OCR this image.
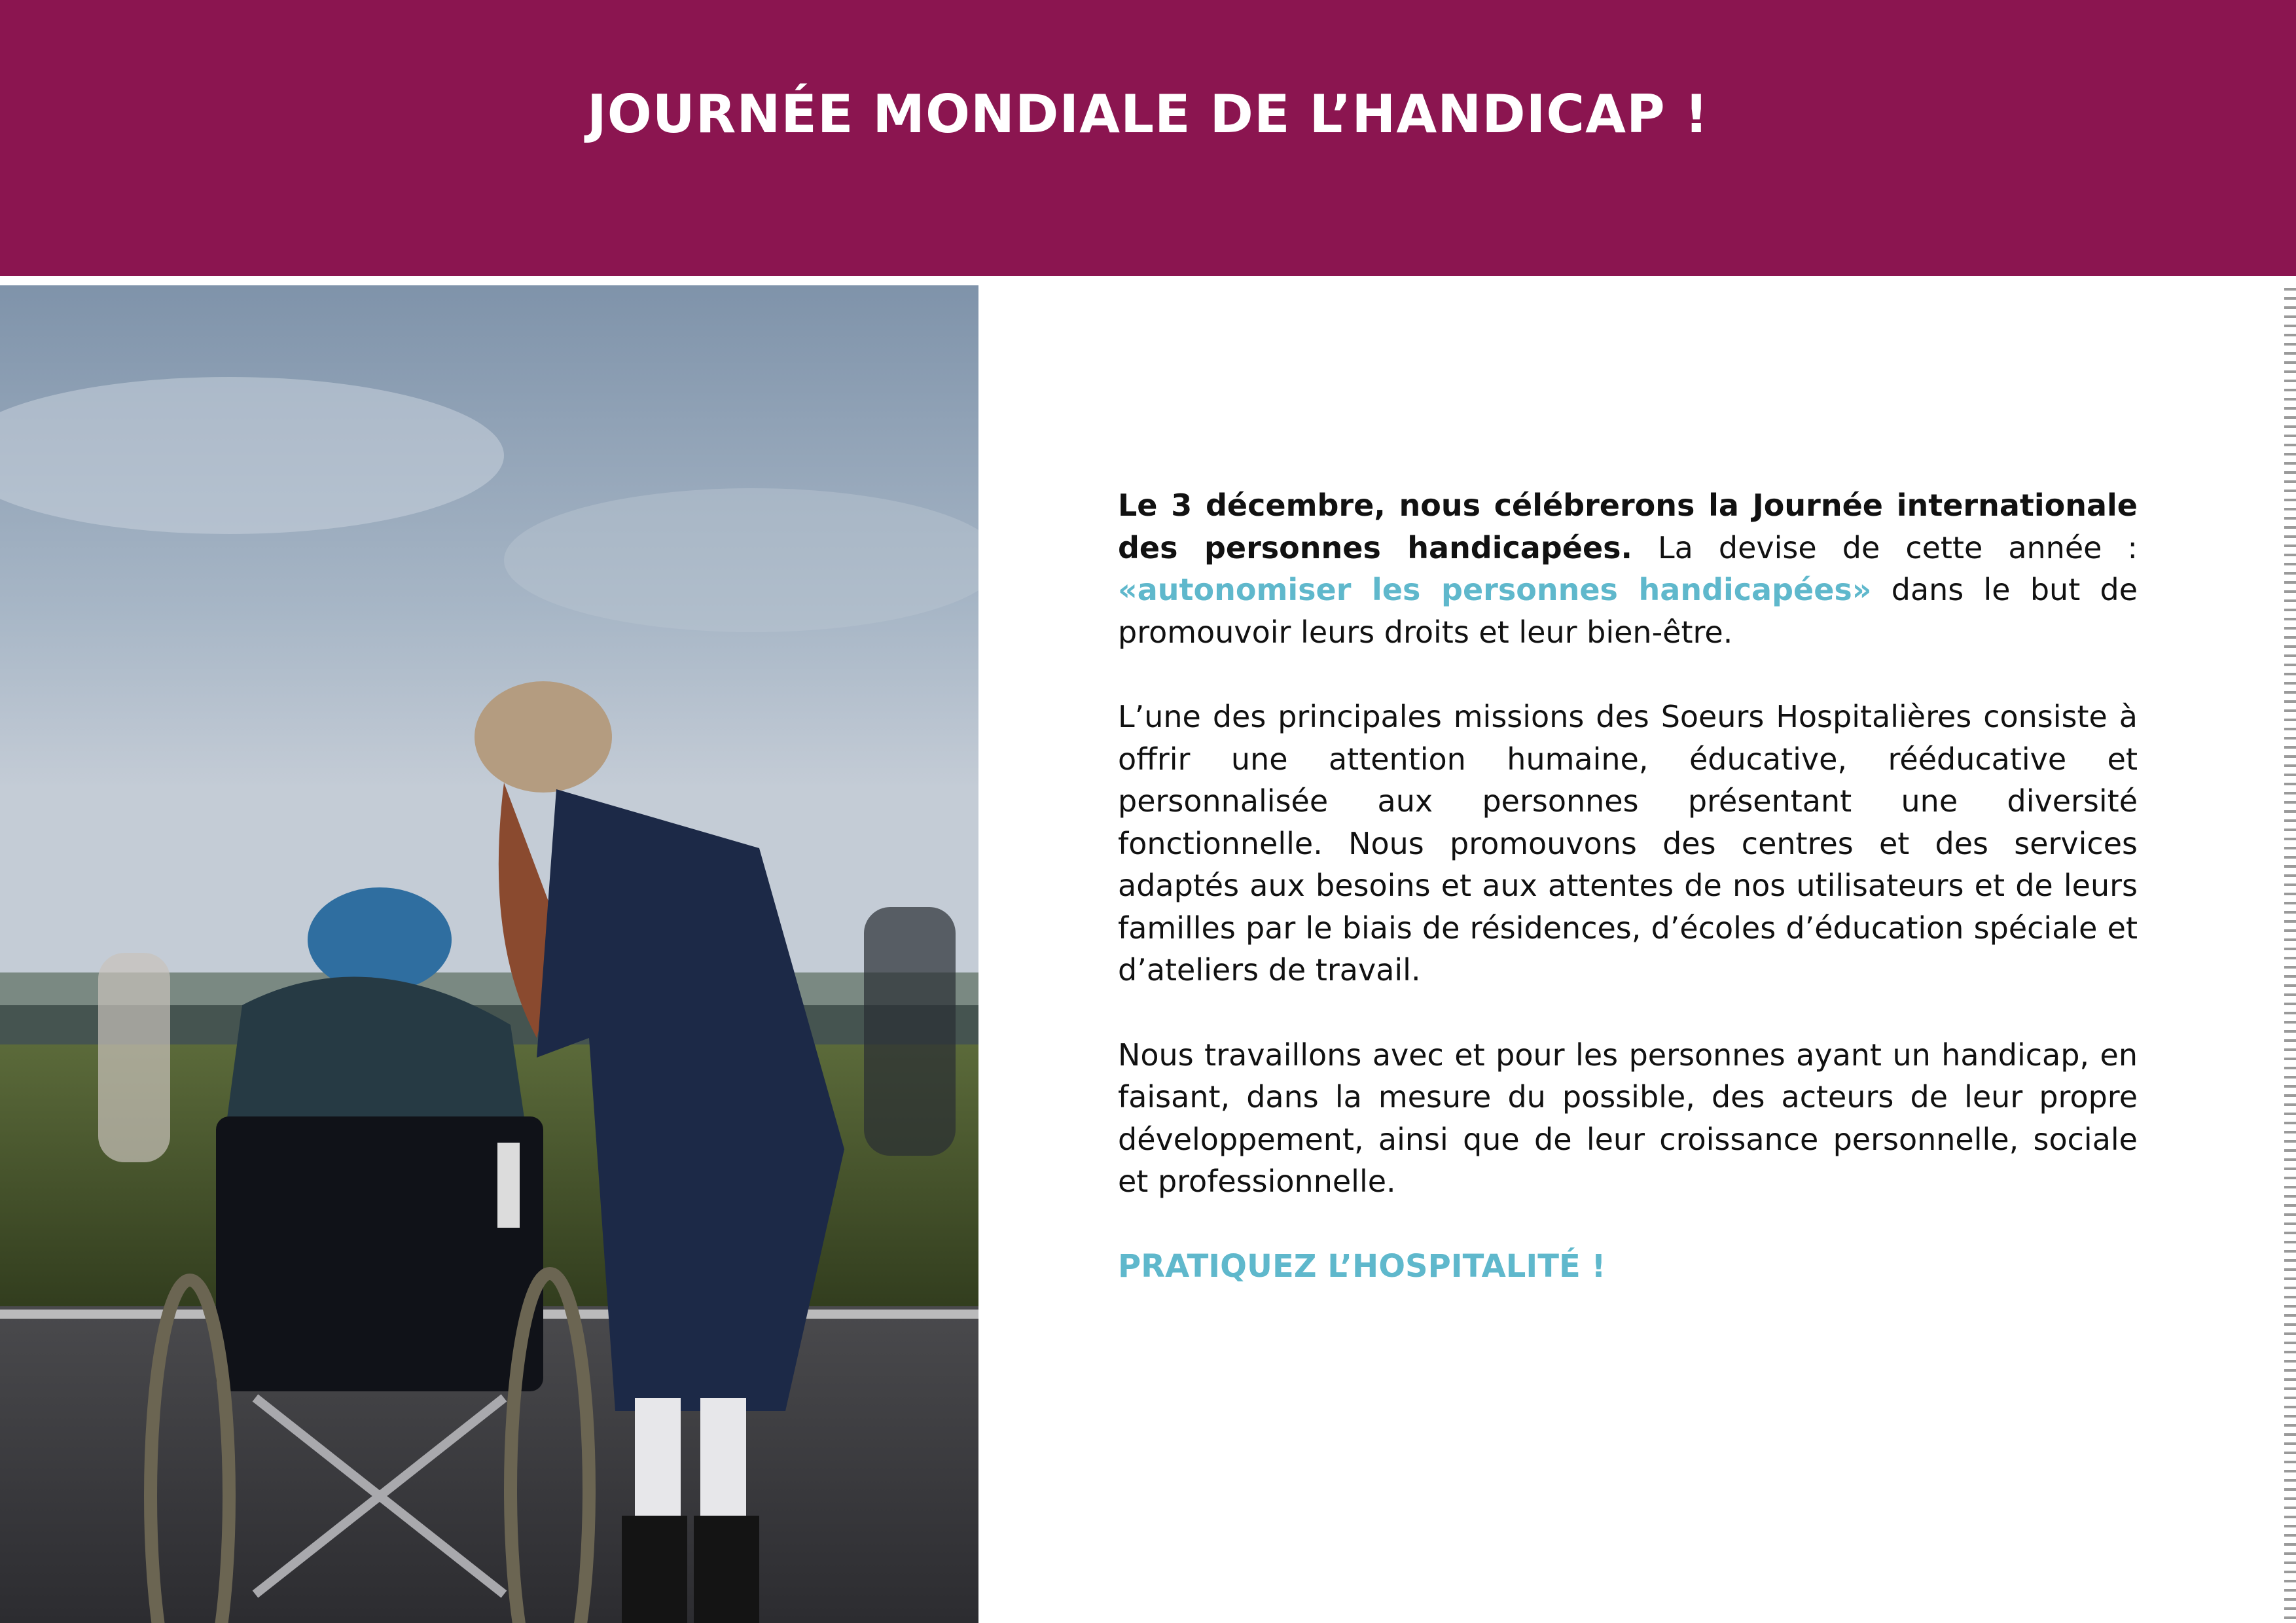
JOURNÉE MONDIALE DE L’HANDICAP !

Le 3 décembre, nous célébrerons la Journée internationale des personnes handicapées. La devise de cette année : «autonomiser les personnes handicapées» dans le but de promouvoir leurs droits et leur bien-être.

L’une des principales missions des Soeurs Hospitalières consiste à offrir une attention humaine, éducative, rééducative et personnalisée aux personnes présentant une diversité fonctionnelle. Nous promouvons des centres et des services adaptés aux besoins et aux attentes de nos utilisateurs et de leurs familles par le biais de résidences, d’écoles d’éducation spéciale et d’ateliers de travail.

Nous travaillons avec et pour les personnes ayant un handicap, en faisant, dans la mesure du possible, des acteurs de leur propre développement, ainsi que de leur croissance personnelle, sociale et professionnelle.

PRATIQUEZ L’HOSPITALITÉ !
